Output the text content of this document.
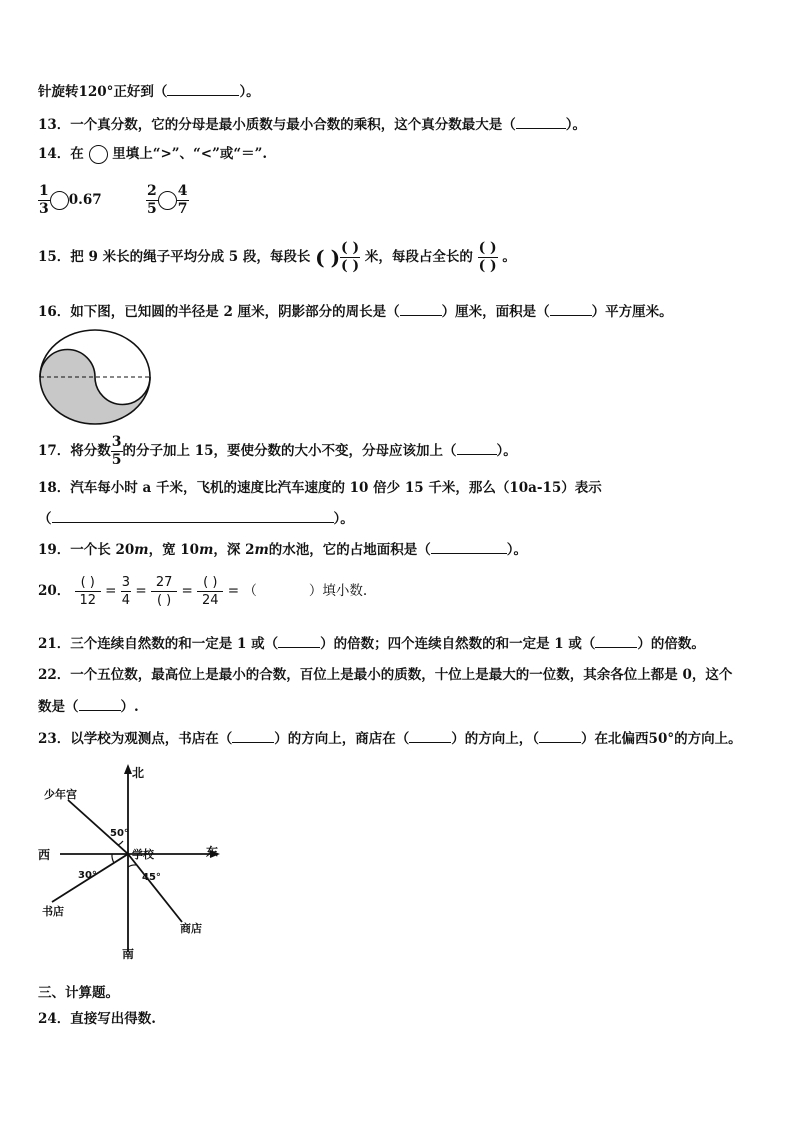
针旋转120°正好到（	）。
13．一个真分数，它的分母是最小质数与最小合数的乘积，这个真分数最大是（	）。
14．在 里填上“>”、“<”或“＝”.
$\frac{1}{3} 0.67$	$\frac{2}{5} \frac{4}{7}$
15．把 9 米长的绳子平均分成 5 段，每段长 ( ) $\frac{( )}{( )}$ 米，每段占全长的 $\frac{( )}{( )}$ 。
16．如下图，已知圆的半径是 2 厘米，阴影部分的周长是（	）厘米，面积是（	）平方厘米。
17．将分数 $\frac{3}{5}$ 的分子加上 15，要使分数的大小不变，分母应该加上（	）。
18．汽车每小时 a 千米，飞机的速度比汽车速度的 10 倍少 15 千米，那么（10a-15）表示
（	）。
19．一个长 20m，宽 10m，深 2m的水池，它的占地面积是（	）。
20． $\frac{( )}{12} = \frac{3}{4} = \frac{27}{( )} = \frac{( )}{24}$ = （	）填小数.
21．三个连续自然数的和一定是 1 或（	）的倍数；四个连续自然数的和一定是 1 或（	）的倍数。
22．一个五位数，最高位上是最小的合数，百位上是最小的质数，十位上是最大的一位数，其余各位上都是 0，这个
数是（	）.
23．以学校为观测点，书店在（	）的方向上，商店在（	）的方向上，（	）在北偏西50°的方向上。
北
南
东
西	学校
少年宫
书店
商店
50°
30°	45°
三、计算题。
24．直接写出得数.
